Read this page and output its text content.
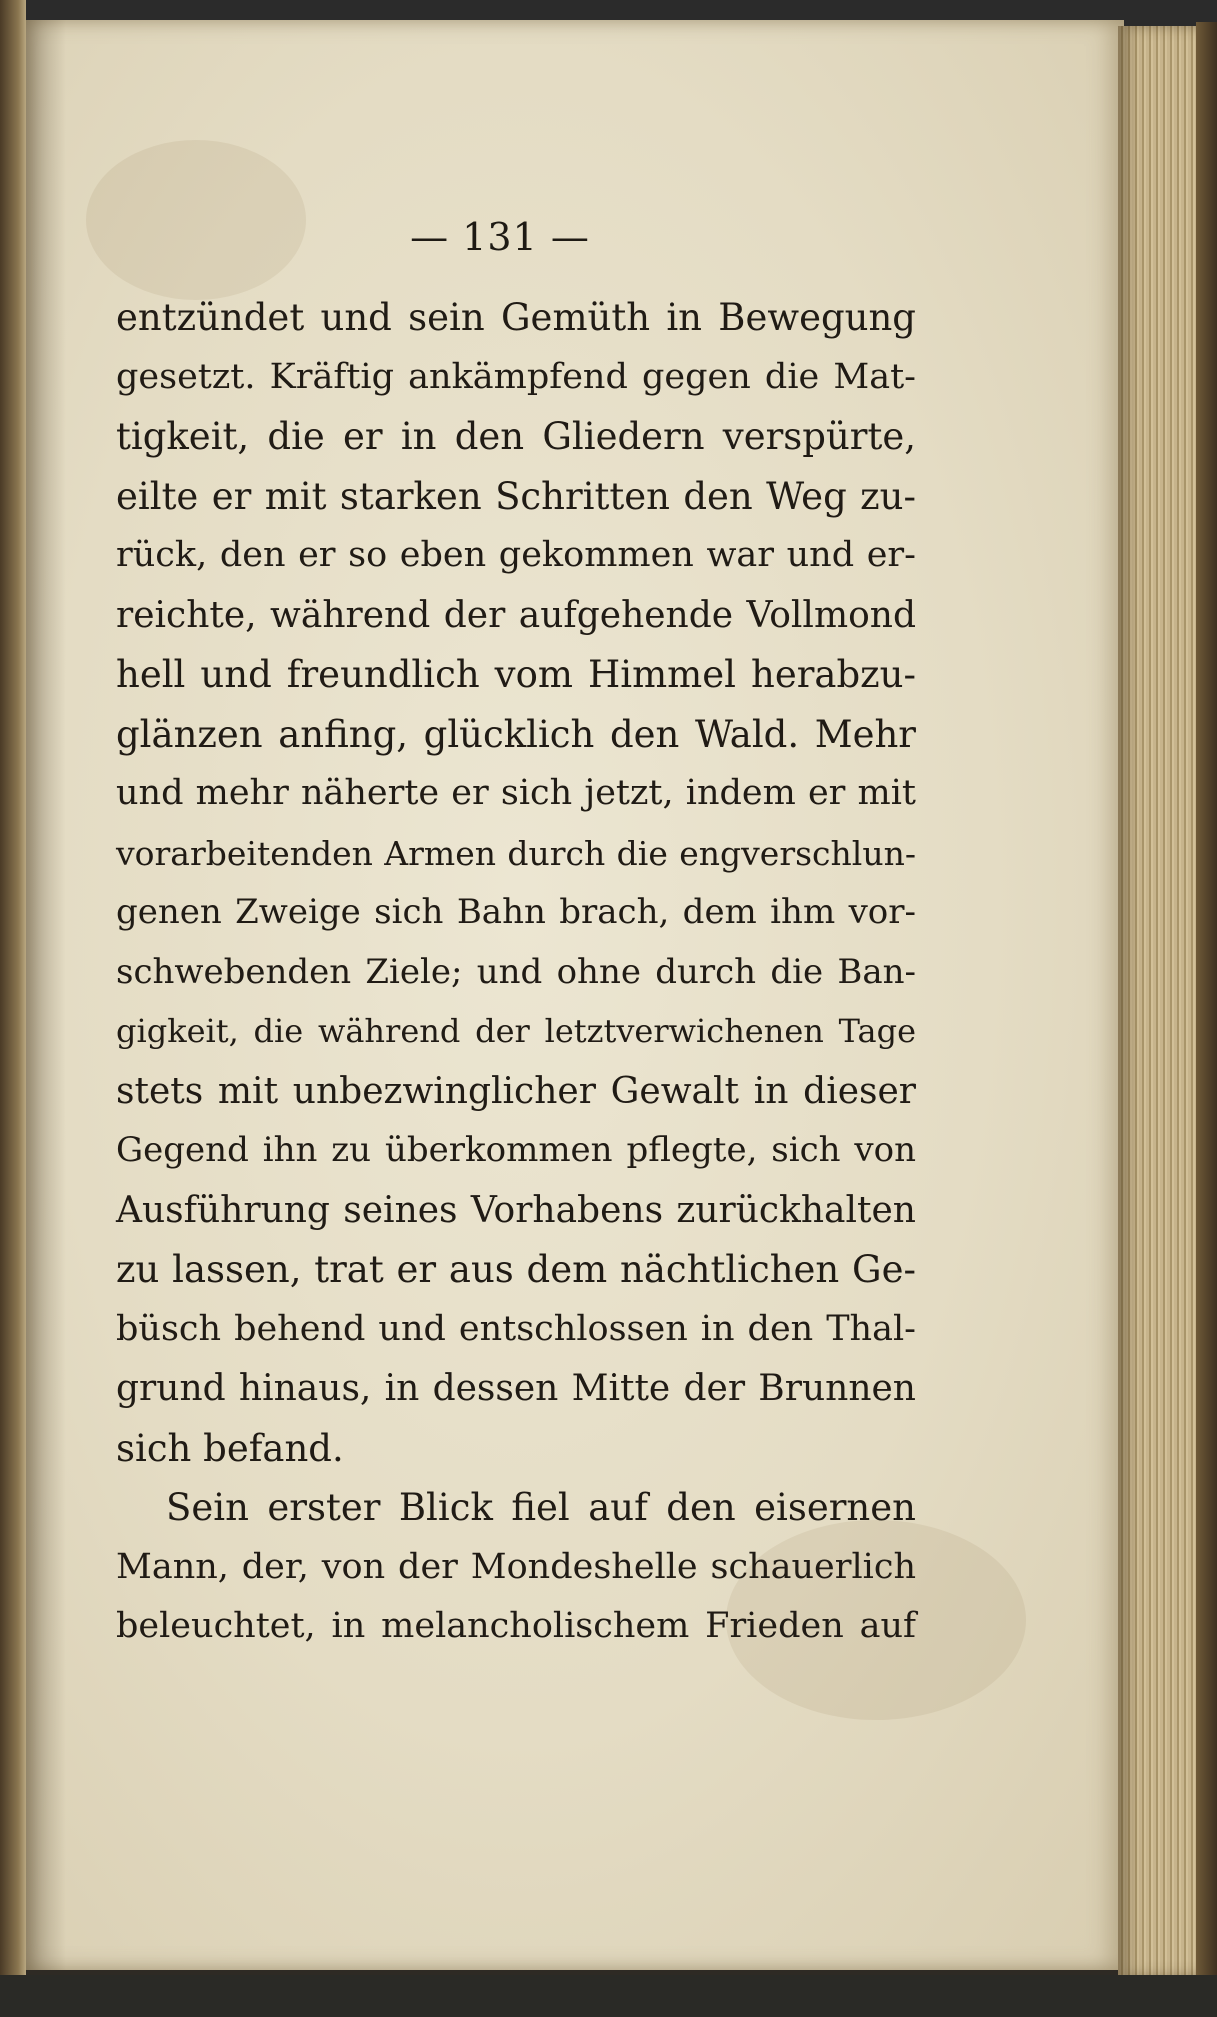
— 131 —
entzündet und sein Gemüth in Bewegung
gesetzt. Kräftig ankämpfend gegen die Mat-
tigkeit, die er in den Gliedern verspürte,
eilte er mit starken Schritten den Weg zu-
rück, den er so eben gekommen war und er-
reichte, während der aufgehende Vollmond
hell und freundlich vom Himmel herabzu-
glänzen anfing, glücklich den Wald. Mehr
und mehr näherte er sich jetzt, indem er mit
vorarbeitenden Armen durch die engverschlun-
genen Zweige sich Bahn brach, dem ihm vor-
schwebenden Ziele; und ohne durch die Ban-
gigkeit, die während der letztverwichenen Tage
stets mit unbezwinglicher Gewalt in dieser
Gegend ihn zu überkommen pflegte, sich von
Ausführung seines Vorhabens zurückhalten
zu lassen, trat er aus dem nächtlichen Ge-
büsch behend und entschlossen in den Thal-
grund hinaus, in dessen Mitte der Brunnen
sich befand.
Sein erster Blick fiel auf den eisernen
Mann, der, von der Mondeshelle schauerlich
beleuchtet, in melancholischem Frieden auf
